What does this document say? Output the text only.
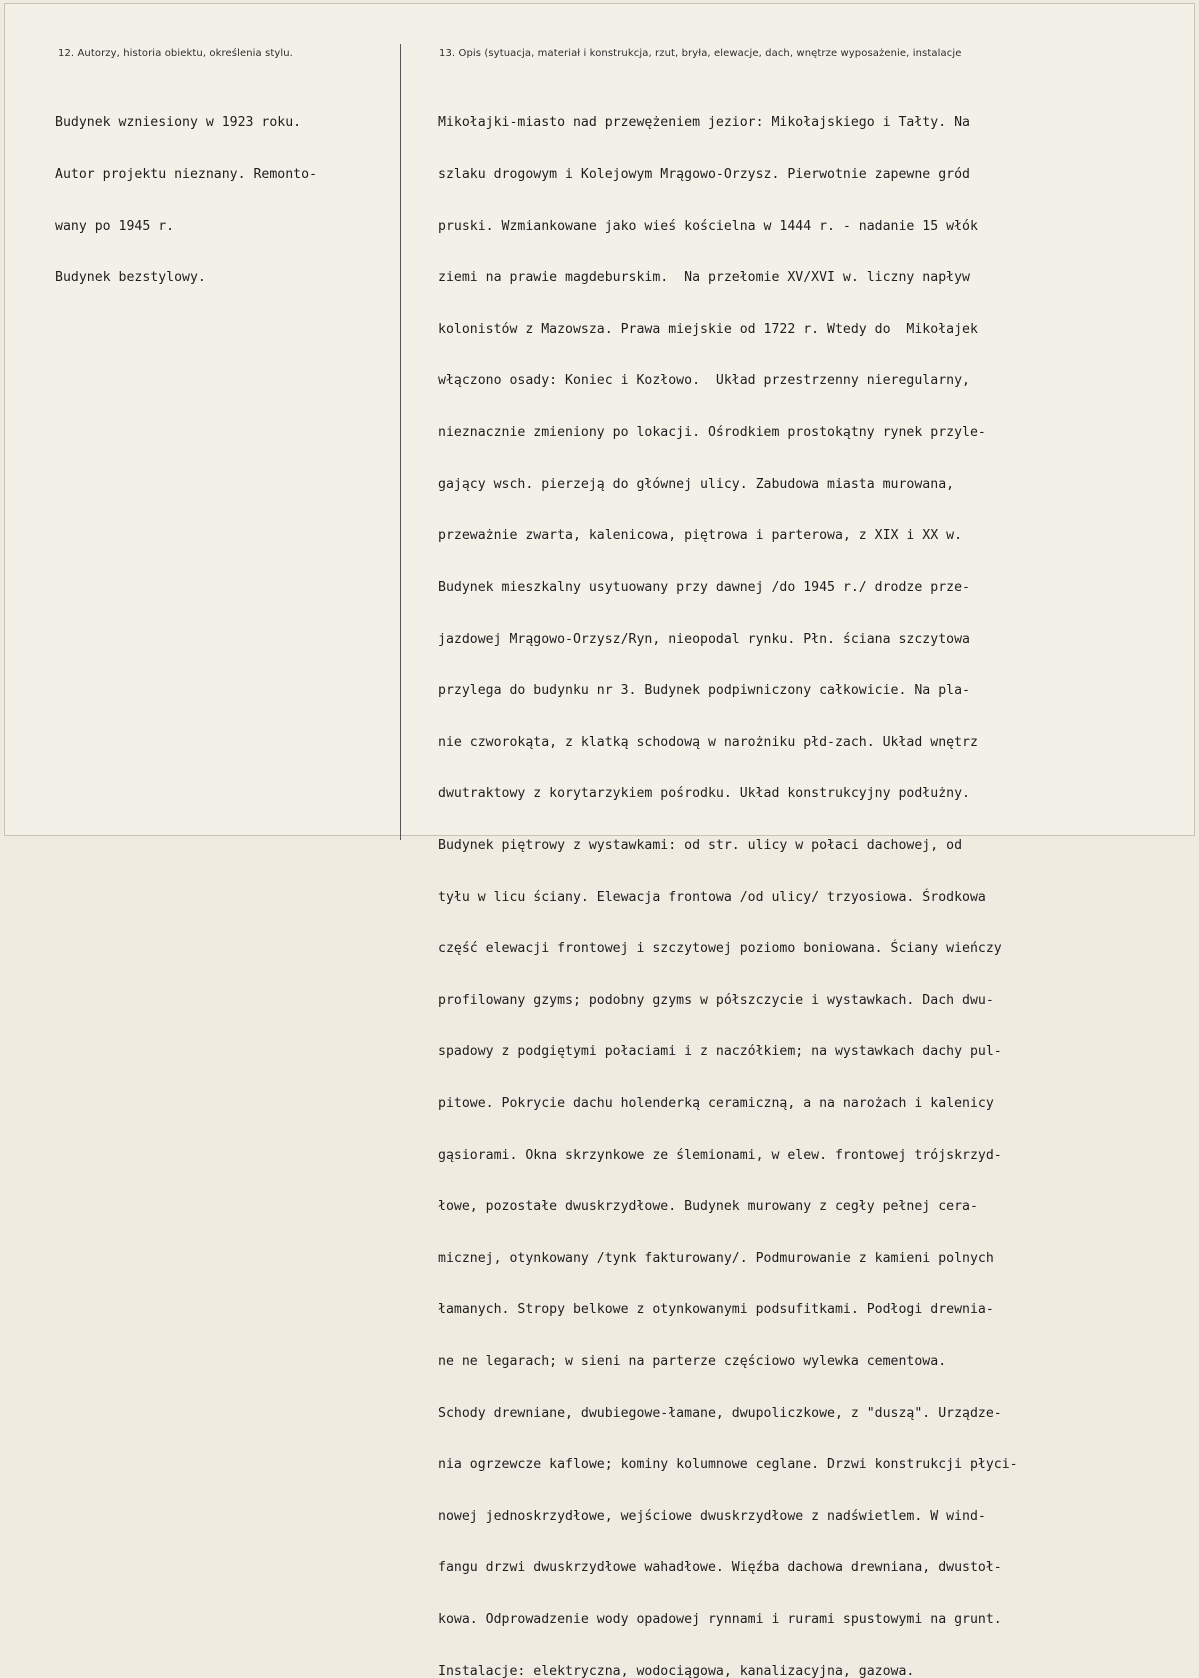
12. Autorzy, historia obiektu, określenia stylu.	13. Opis (sytuacja, materiał i konstrukcja, rzut, bryła, elewacje, dach, wnętrze wyposażenie, instalacje

Budynek wzniesiony w 1923 roku.

Autor projektu nieznany. Remonto-

wany po 1945 r.

Budynek bezstylowy.

Mikołajki-miasto nad przewężeniem jezior: Mikołajskiego i Tałty. Na

szlaku drogowym i Kolejowym Mrągowo-Orzysz. Pierwotnie zapewne gród

pruski. Wzmiankowane jako wieś kościelna w 1444 r. - nadanie 15 włók

ziemi na prawie magdeburskim.  Na przełomie XV/XVI w. liczny napływ

kolonistów z Mazowsza. Prawa miejskie od 1722 r. Wtedy do  Mikołajek

włączono osady: Koniec i Kozłowo.  Układ przestrzenny nieregularny,

nieznacznie zmieniony po lokacji. Ośrodkiem prostokątny rynek przyle-

gający wsch. pierzeją do głównej ulicy. Zabudowa miasta murowana,

przeważnie zwarta, kalenicowa, piętrowa i parterowa, z XIX i XX w.

Budynek mieszkalny usytuowany przy dawnej /do 1945 r./ drodze prze-

jazdowej Mrągowo-Orzysz/Ryn, nieopodal rynku. Płn. ściana szczytowa

przylega do budynku nr 3. Budynek podpiwniczony całkowicie. Na pla-

nie czworokąta, z klatką schodową w narożniku płd-zach. Układ wnętrz

dwutraktowy z korytarzykiem pośrodku. Układ konstrukcyjny podłużny.

Budynek piętrowy z wystawkami: od str. ulicy w połaci dachowej, od

tyłu w licu ściany. Elewacja frontowa /od ulicy/ trzyosiowa. Środkowa

część elewacji frontowej i szczytowej poziomo boniowana. Ściany wieńczy

profilowany gzyms; podobny gzyms w półszczycie i wystawkach. Dach dwu-

spadowy z podgiętymi połaciami i z naczółkiem; na wystawkach dachy pul-

pitowe. Pokrycie dachu holenderką ceramiczną, a na narożach i kalenicy

gąsiorami. Okna skrzynkowe ze ślemionami, w elew. frontowej trójskrzyd-

łowe, pozostałe dwuskrzydłowe. Budynek murowany z cegły pełnej cera-

micznej, otynkowany /tynk fakturowany/. Podmurowanie z kamieni polnych

łamanych. Stropy belkowe z otynkowanymi podsufitkami. Podłogi drewnia-

ne ne legarach; w sieni na parterze częściowo wylewka cementowa.

Schody drewniane, dwubiegowe-łamane, dwupoliczkowe, z "duszą". Urządze-

nia ogrzewcze kaflowe; kominy kolumnowe ceglane. Drzwi konstrukcji płyci-

nowej jednoskrzydłowe, wejściowe dwuskrzydłowe z nadświetlem. W wind-

fangu drzwi dwuskrzydłowe wahadłowe. Więźba dachowa drewniana, dwustoł-

kowa. Odprowadzenie wody opadowej rynnami i rurami spustowymi na grunt.

Instalacje: elektryczna, wodociągowa, kanalizacyjna, gazowa.
